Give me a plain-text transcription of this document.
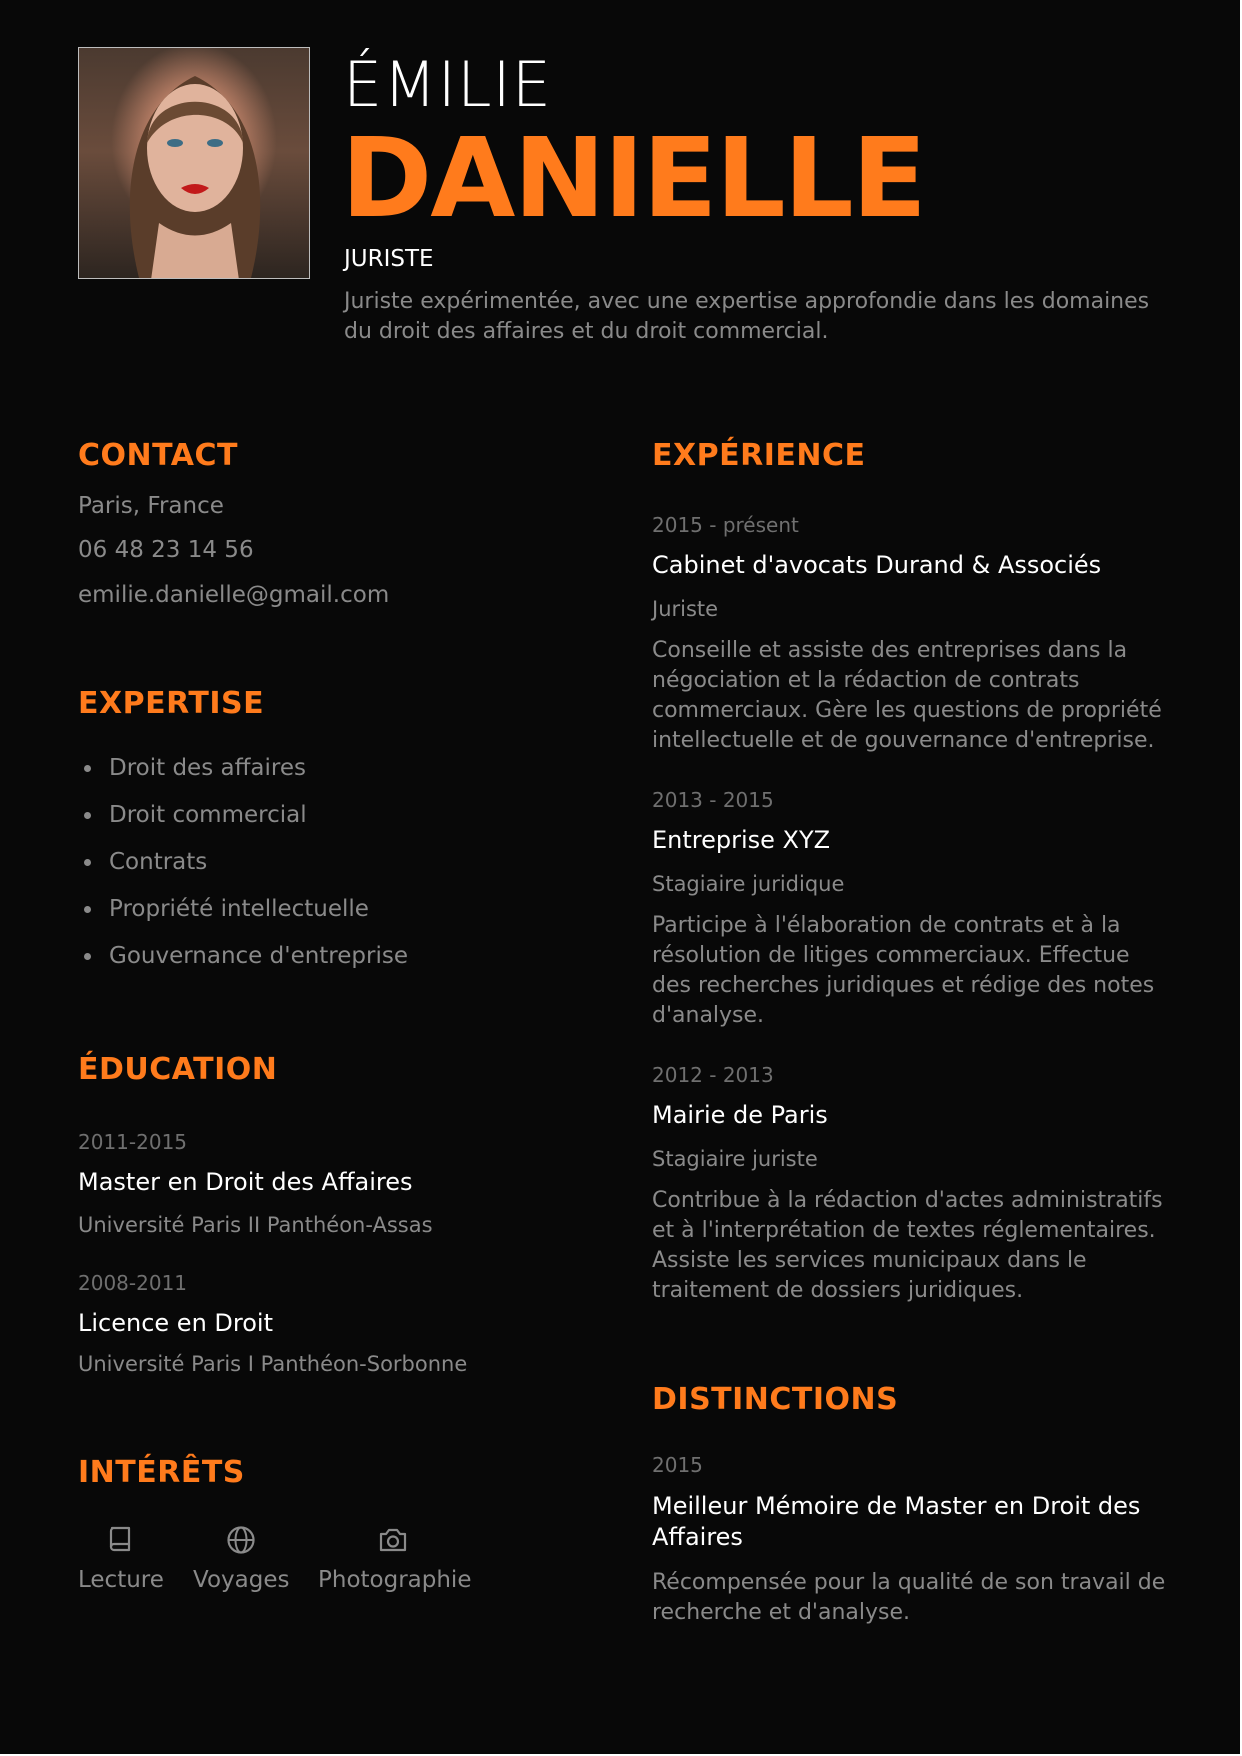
ÉMILIE

DANIELLE

JURISTE

Juriste expérimentée, avec une expertise approfondie dans les domaines du droit des affaires et du droit commercial.

CONTACT

Paris, France

06 48 23 14 56

emilie.danielle@gmail.com

EXPERTISE
Droit des affaires
Droit commercial
Contrats
Propriété intellectuelle
Gouvernance d'entreprise
ÉDUCATION

2011-2015

Master en Droit des Affaires

Université Paris II Panthéon-Assas

2008-2011

Licence en Droit

Université Paris I Panthéon-Sorbonne

INTÉRÊTS
Lecture Voyages Photographie
EXPÉRIENCE

2015 - présent

Cabinet d'avocats Durand & Associés

Juriste

Conseille et assiste des entreprises dans la négociation et la rédaction de contrats commerciaux. Gère les questions de propriété intellectuelle et de gouvernance d'entreprise.

2013 - 2015

Entreprise XYZ

Stagiaire juridique

Participe à l'élaboration de contrats et à la résolution de litiges commerciaux. Effectue des recherches juridiques et rédige des notes d'analyse.

2012 - 2013

Mairie de Paris

Stagiaire juriste

Contribue à la rédaction d'actes administratifs et à l'interprétation de textes réglementaires. Assiste les services municipaux dans le traitement de dossiers juridiques.

DISTINCTIONS

2015

Meilleur Mémoire de Master en Droit des Affaires

Récompensée pour la qualité de son travail de recherche et d'analyse.
